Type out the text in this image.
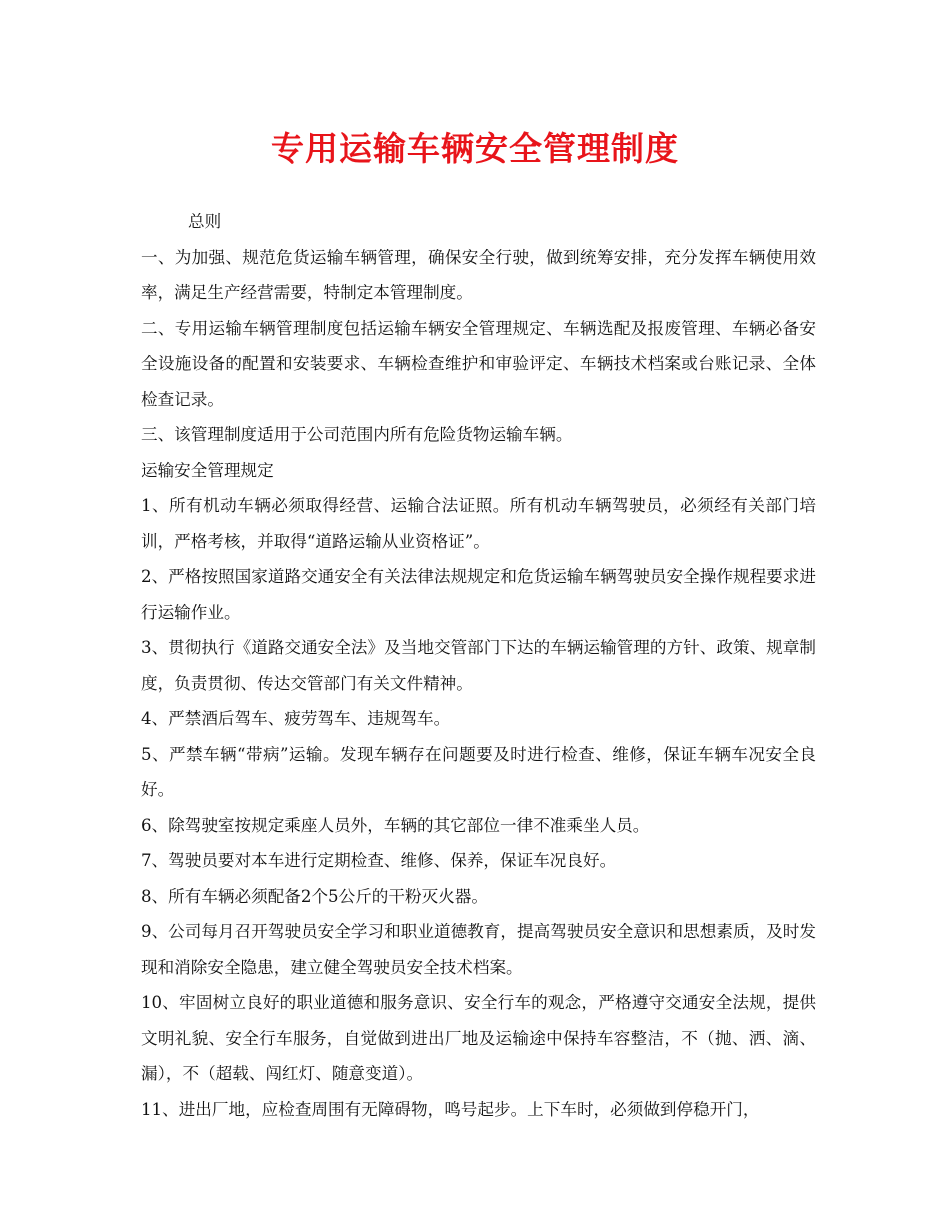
专用运输车辆安全管理制度

总则

一、为加强、规范危货运输车辆管理，确保安全行驶，做到统筹安排，充分发挥车辆使用效率，满足生产经营需要，特制定本管理制度。

二、专用运输车辆管理制度包括运输车辆安全管理规定、车辆选配及报废管理、车辆必备安全设施设备的配置和安装要求、车辆检查维护和审验评定、车辆技术档案或台账记录、全体检查记录。

三、该管理制度适用于公司范围内所有危险货物运输车辆。

运输安全管理规定

1、所有机动车辆必须取得经营、运输合法证照。所有机动车辆驾驶员，必须经有关部门培训，严格考核，并取得“道路运输从业资格证”。

2、严格按照国家道路交通安全有关法律法规规定和危货运输车辆驾驶员安全操作规程要求进行运输作业。

3、贯彻执行《道路交通安全法》及当地交管部门下达的车辆运输管理的方针、政策、规章制度，负责贯彻、传达交管部门有关文件精神。

4、严禁酒后驾车、疲劳驾车、违规驾车。

5、严禁车辆“带病”运输。发现车辆存在问题要及时进行检查、维修，保证车辆车况安全良好。

6、除驾驶室按规定乘座人员外，车辆的其它部位一律不准乘坐人员。

7、驾驶员要对本车进行定期检查、维修、保养，保证车况良好。

8、所有车辆必须配备2个5公斤的干粉灭火器。

9、公司每月召开驾驶员安全学习和职业道德教育，提高驾驶员安全意识和思想素质，及时发现和消除安全隐患，建立健全驾驶员安全技术档案。

10、牢固树立良好的职业道德和服务意识、安全行车的观念，严格遵守交通安全法规，提供文明礼貌、安全行车服务，自觉做到进出厂地及运输途中保持车容整洁，不（抛、洒、滴、漏），不（超载、闯红灯、随意变道）。

11、进出厂地，应检查周围有无障碍物，鸣号起步。上下车时，必须做到停稳开门，
